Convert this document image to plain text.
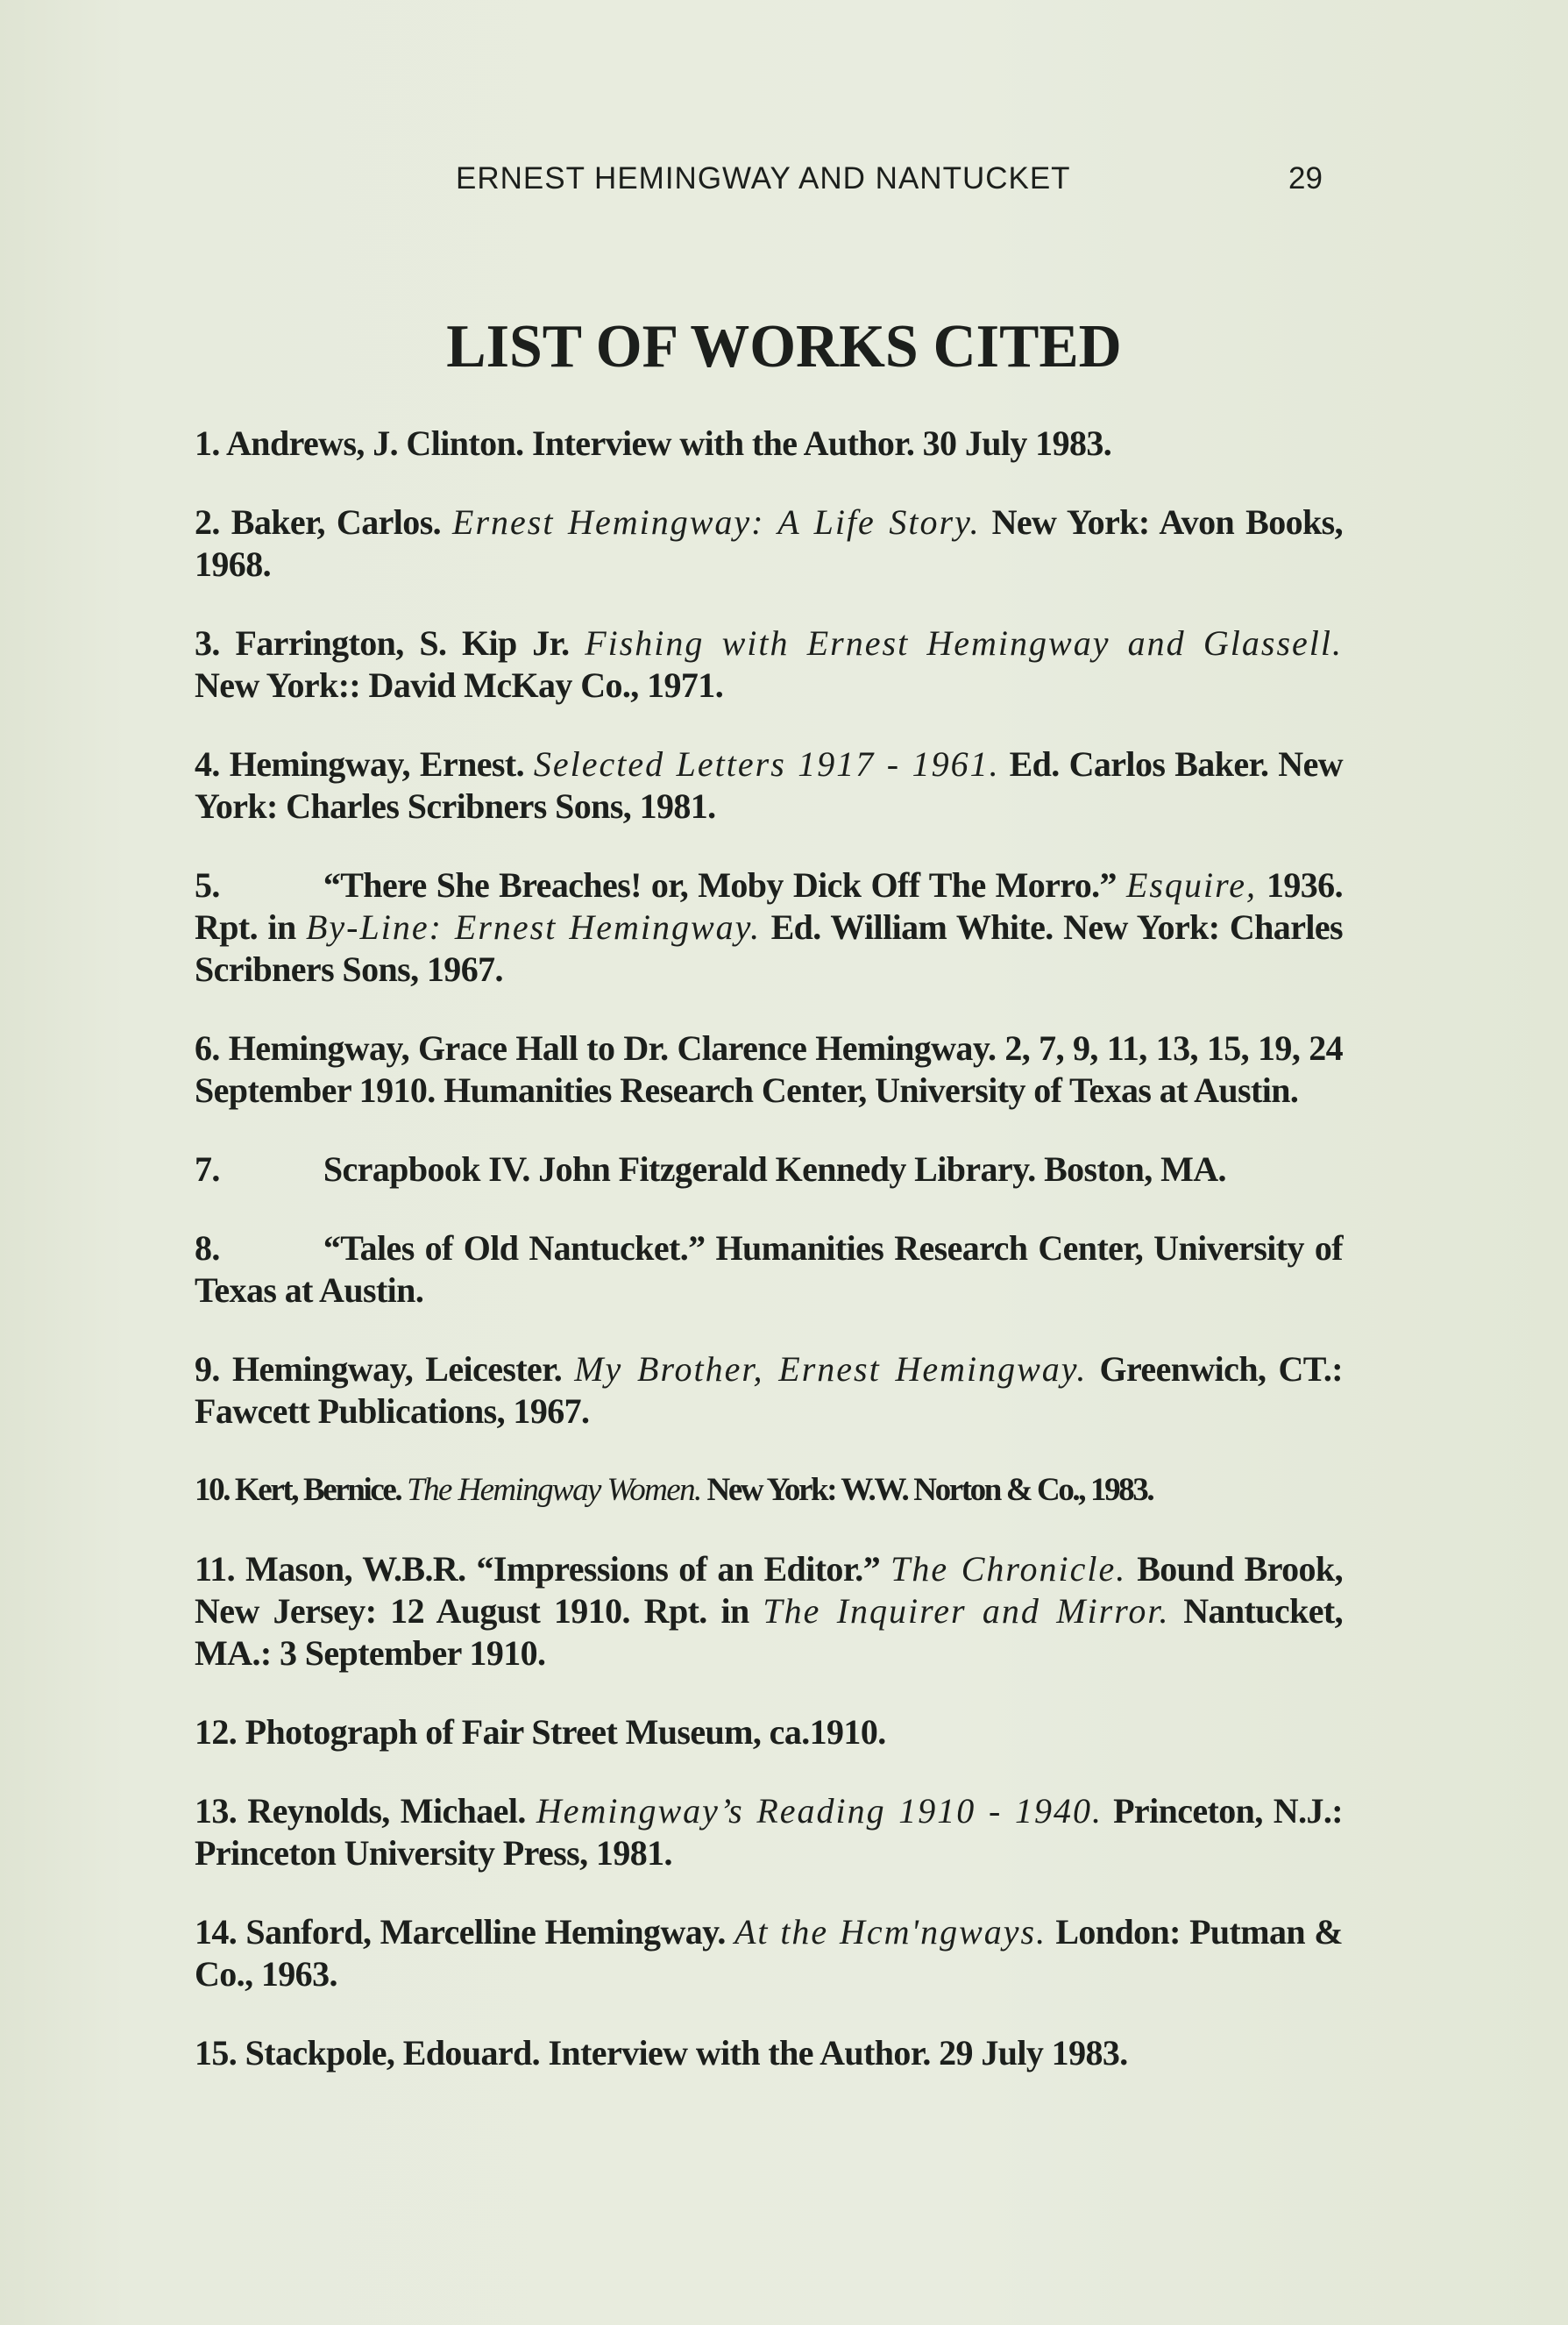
ERNEST HEMINGWAY AND NANTUCKET	29
LIST OF WORKS CITED

1. Andrews, J. Clinton. Interview with the Author. 30 July 1983.

2. Baker, Carlos. Ernest Hemingway: A Life Story. New York: Avon Books, 1968.

3. Farrington, S. Kip Jr. Fishing with Ernest Hemingway and Glassell. New York:: David McKay Co., 1971.

4. Hemingway, Ernest. Selected Letters 1917 - 1961. Ed. Carlos Baker. New York: Charles Scribners Sons, 1981.

5.	“There She Breaches! or, Moby Dick Off The Morro.” Esquire, 1936. Rpt. in By-Line: Ernest Hemingway. Ed. William White. New York: Charles Scribners Sons, 1967.

6. Hemingway, Grace Hall to Dr. Clarence Hemingway. 2, 7, 9, 11, 13, 15, 19, 24 September 1910. Humanities Research Center, University of Texas at Austin.

7.	Scrapbook IV. John Fitzgerald Kennedy Library. Boston, MA.

8.	“Tales of Old Nantucket.” Humanities Research Center, University of Texas at Austin.

9. Hemingway, Leicester. My Brother, Ernest Hemingway. Greenwich, CT.: Fawcett Publications, 1967.

10. Kert, Bernice. The Hemingway Women. New York: W.W. Norton & Co., 1983.

11. Mason, W.B.R. “Impressions of an Editor.” The Chronicle. Bound Brook, New Jersey: 12 August 1910. Rpt. in The Inquirer and Mirror. Nantucket, MA.: 3 September 1910.

12. Photograph of Fair Street Museum, ca.1910.

13. Reynolds, Michael. Hemingway’s Reading 1910 - 1940. Princeton, N.J.: Princeton University Press, 1981.

14. Sanford, Marcelline Hemingway. At the Hcm'ngways. London: Putman & Co., 1963.

15. Stackpole, Edouard. Interview with the Author. 29 July 1983.
